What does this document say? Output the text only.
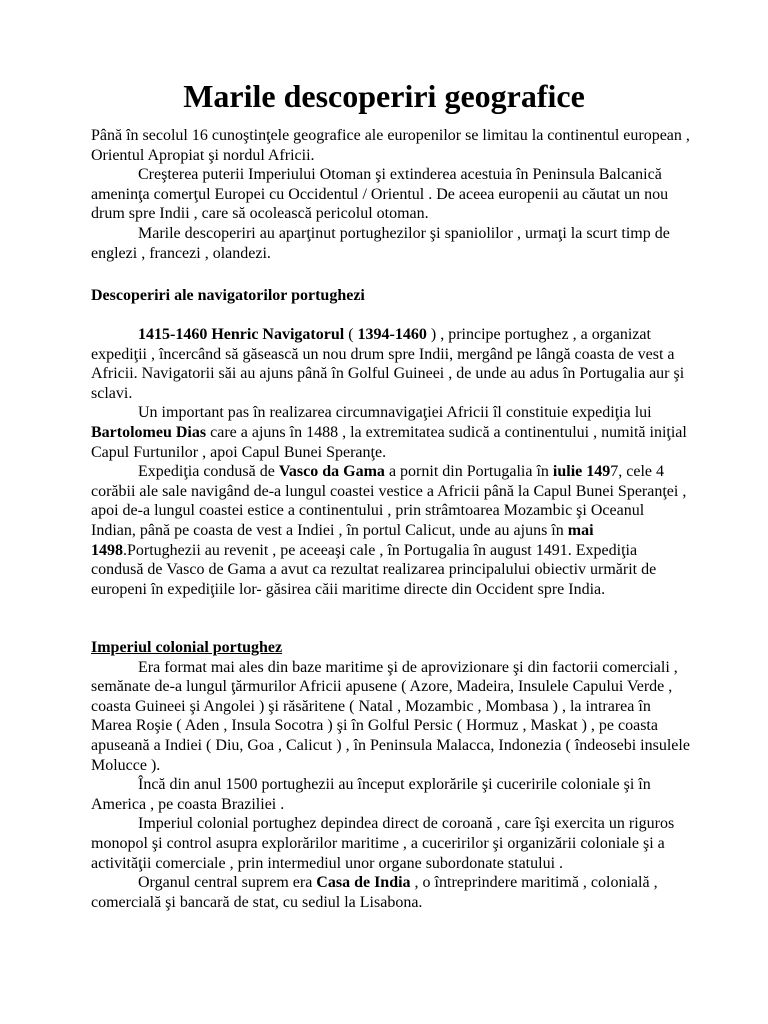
Marile descoperiri geografice

Până în secolul 16 cunoştinţele geografice ale europenilor se limitau la continentul european , Orientul Apropiat şi nordul Africii.

Creşterea puterii Imperiului Otoman şi extinderea acestuia în Peninsula Balcanică ameninţa comerţul Europei cu Occidentul / Orientul . De aceea europenii au căutat un nou drum spre Indii , care să ocolească pericolul otoman.

Marile descoperiri au aparţinut portughezilor şi spaniolilor , urmaţi la scurt timp de englezi , francezi , olandezi.

Descoperiri ale navigatorilor portughezi

1415-1460 Henric Navigatorul ( 1394-1460 ) , principe portughez , a organizat expediţii , încercând să găsească un nou drum spre Indii, mergând pe lângă coasta de vest a Africii. Navigatorii săi au ajuns până în Golful Guineei , de unde au adus în Portugalia aur şi sclavi.

Un important pas în realizarea circumnavigaţiei Africii îl constituie expediţia lui Bartolomeu Dias care a ajuns în 1488 , la extremitatea sudică a continentului , numită iniţial Capul Furtunilor , apoi Capul Bunei Speranţe.

Expediţia condusă de Vasco da Gama a pornit din Portugalia în iulie 1497, cele 4 corăbii ale sale navigând de-a lungul coastei vestice a Africii până la Capul Bunei Speranţei , apoi de-a lungul coastei estice a continentului , prin strâmtoarea Mozambic şi Oceanul Indian, până pe coasta de vest a Indiei , în portul Calicut, unde au ajuns în mai 1498.Portughezii au revenit , pe aceeaşi cale , în Portugalia în august 1491. Expediţia condusă de Vasco de Gama a avut ca rezultat realizarea principalului obiectiv urmărit de europeni în expediţiile lor- găsirea căii maritime directe din Occident spre India.

Imperiul colonial portughez

Era format mai ales din baze maritime şi de aprovizionare şi din factorii comerciali , semănate de-a lungul ţărmurilor Africii apusene ( Azore, Madeira, Insulele Capului Verde , coasta Guineei şi Angolei ) şi răsăritene ( Natal , Mozambic , Mombasa ) , la intrarea în Marea Roşie ( Aden , Insula Socotra ) şi în Golful Persic ( Hormuz , Maskat ) , pe coasta apuseană a Indiei ( Diu, Goa , Calicut ) , în Peninsula Malacca, Indonezia ( îndeosebi insulele Molucce ).

Încă din anul 1500 portughezii au început explorările şi cuceririle coloniale şi în America , pe coasta Braziliei .

Imperiul colonial portughez depindea direct de coroană , care îşi exercita un riguros monopol şi control asupra explorărilor maritime , a cuceririlor şi organizării coloniale şi a activităţii comerciale , prin intermediul unor organe subordonate statului .

Organul central suprem era Casa de India , o întreprindere maritimă , colonială , comercială şi bancară de stat, cu sediul la Lisabona.
